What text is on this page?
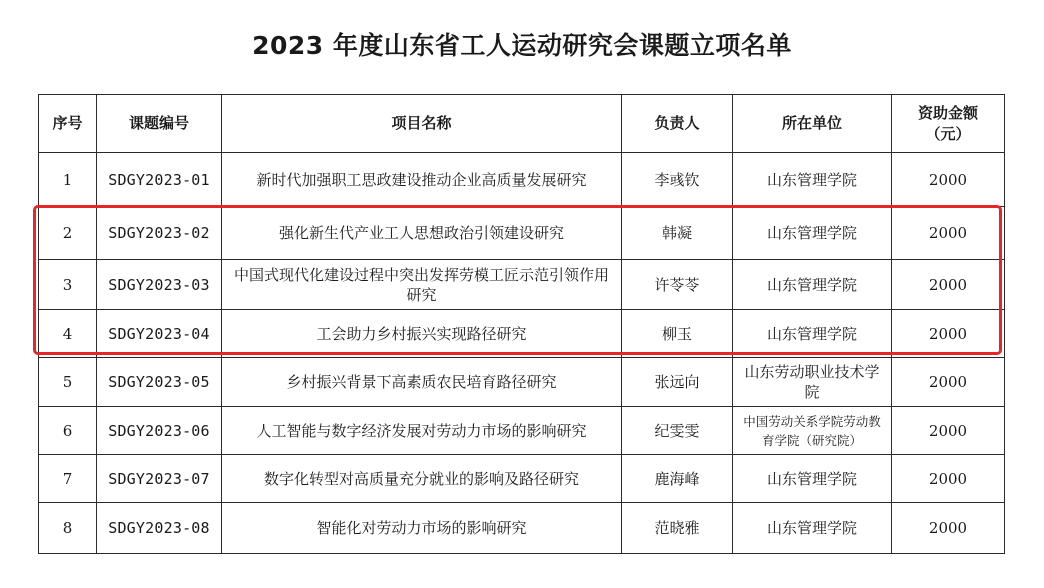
2023 年度山东省工人运动研究会课题立项名单
序号	课题编号	项目名称	负责人	所在单位	资助金额
（元）

1	SDGY2023-01	新时代加强职工思政建设推动企业高质量发展研究	李彧钦	山东管理学院	2000
2	SDGY2023-02	强化新生代产业工人思想政治引领建设研究	韩凝	山东管理学院	2000
3	SDGY2023-03	中国式现代化建设过程中突出发挥劳模工匠示范引领作用研究	许苓苓	山东管理学院	2000
4	SDGY2023-04	工会助力乡村振兴实现路径研究	柳玉	山东管理学院	2000
5	SDGY2023-05	乡村振兴背景下高素质农民培育路径研究	张远向	山东劳动职业技术学院	2000
6	SDGY2023-06	人工智能与数字经济发展对劳动力市场的影响研究	纪雯雯	中国劳动关系学院劳动教育学院（研究院）	2000
7	SDGY2023-07	数字化转型对高质量充分就业的影响及路径研究	鹿海峰	山东管理学院	2000
8	SDGY2023-08	智能化对劳动力市场的影响研究	范晓雅	山东管理学院	2000
